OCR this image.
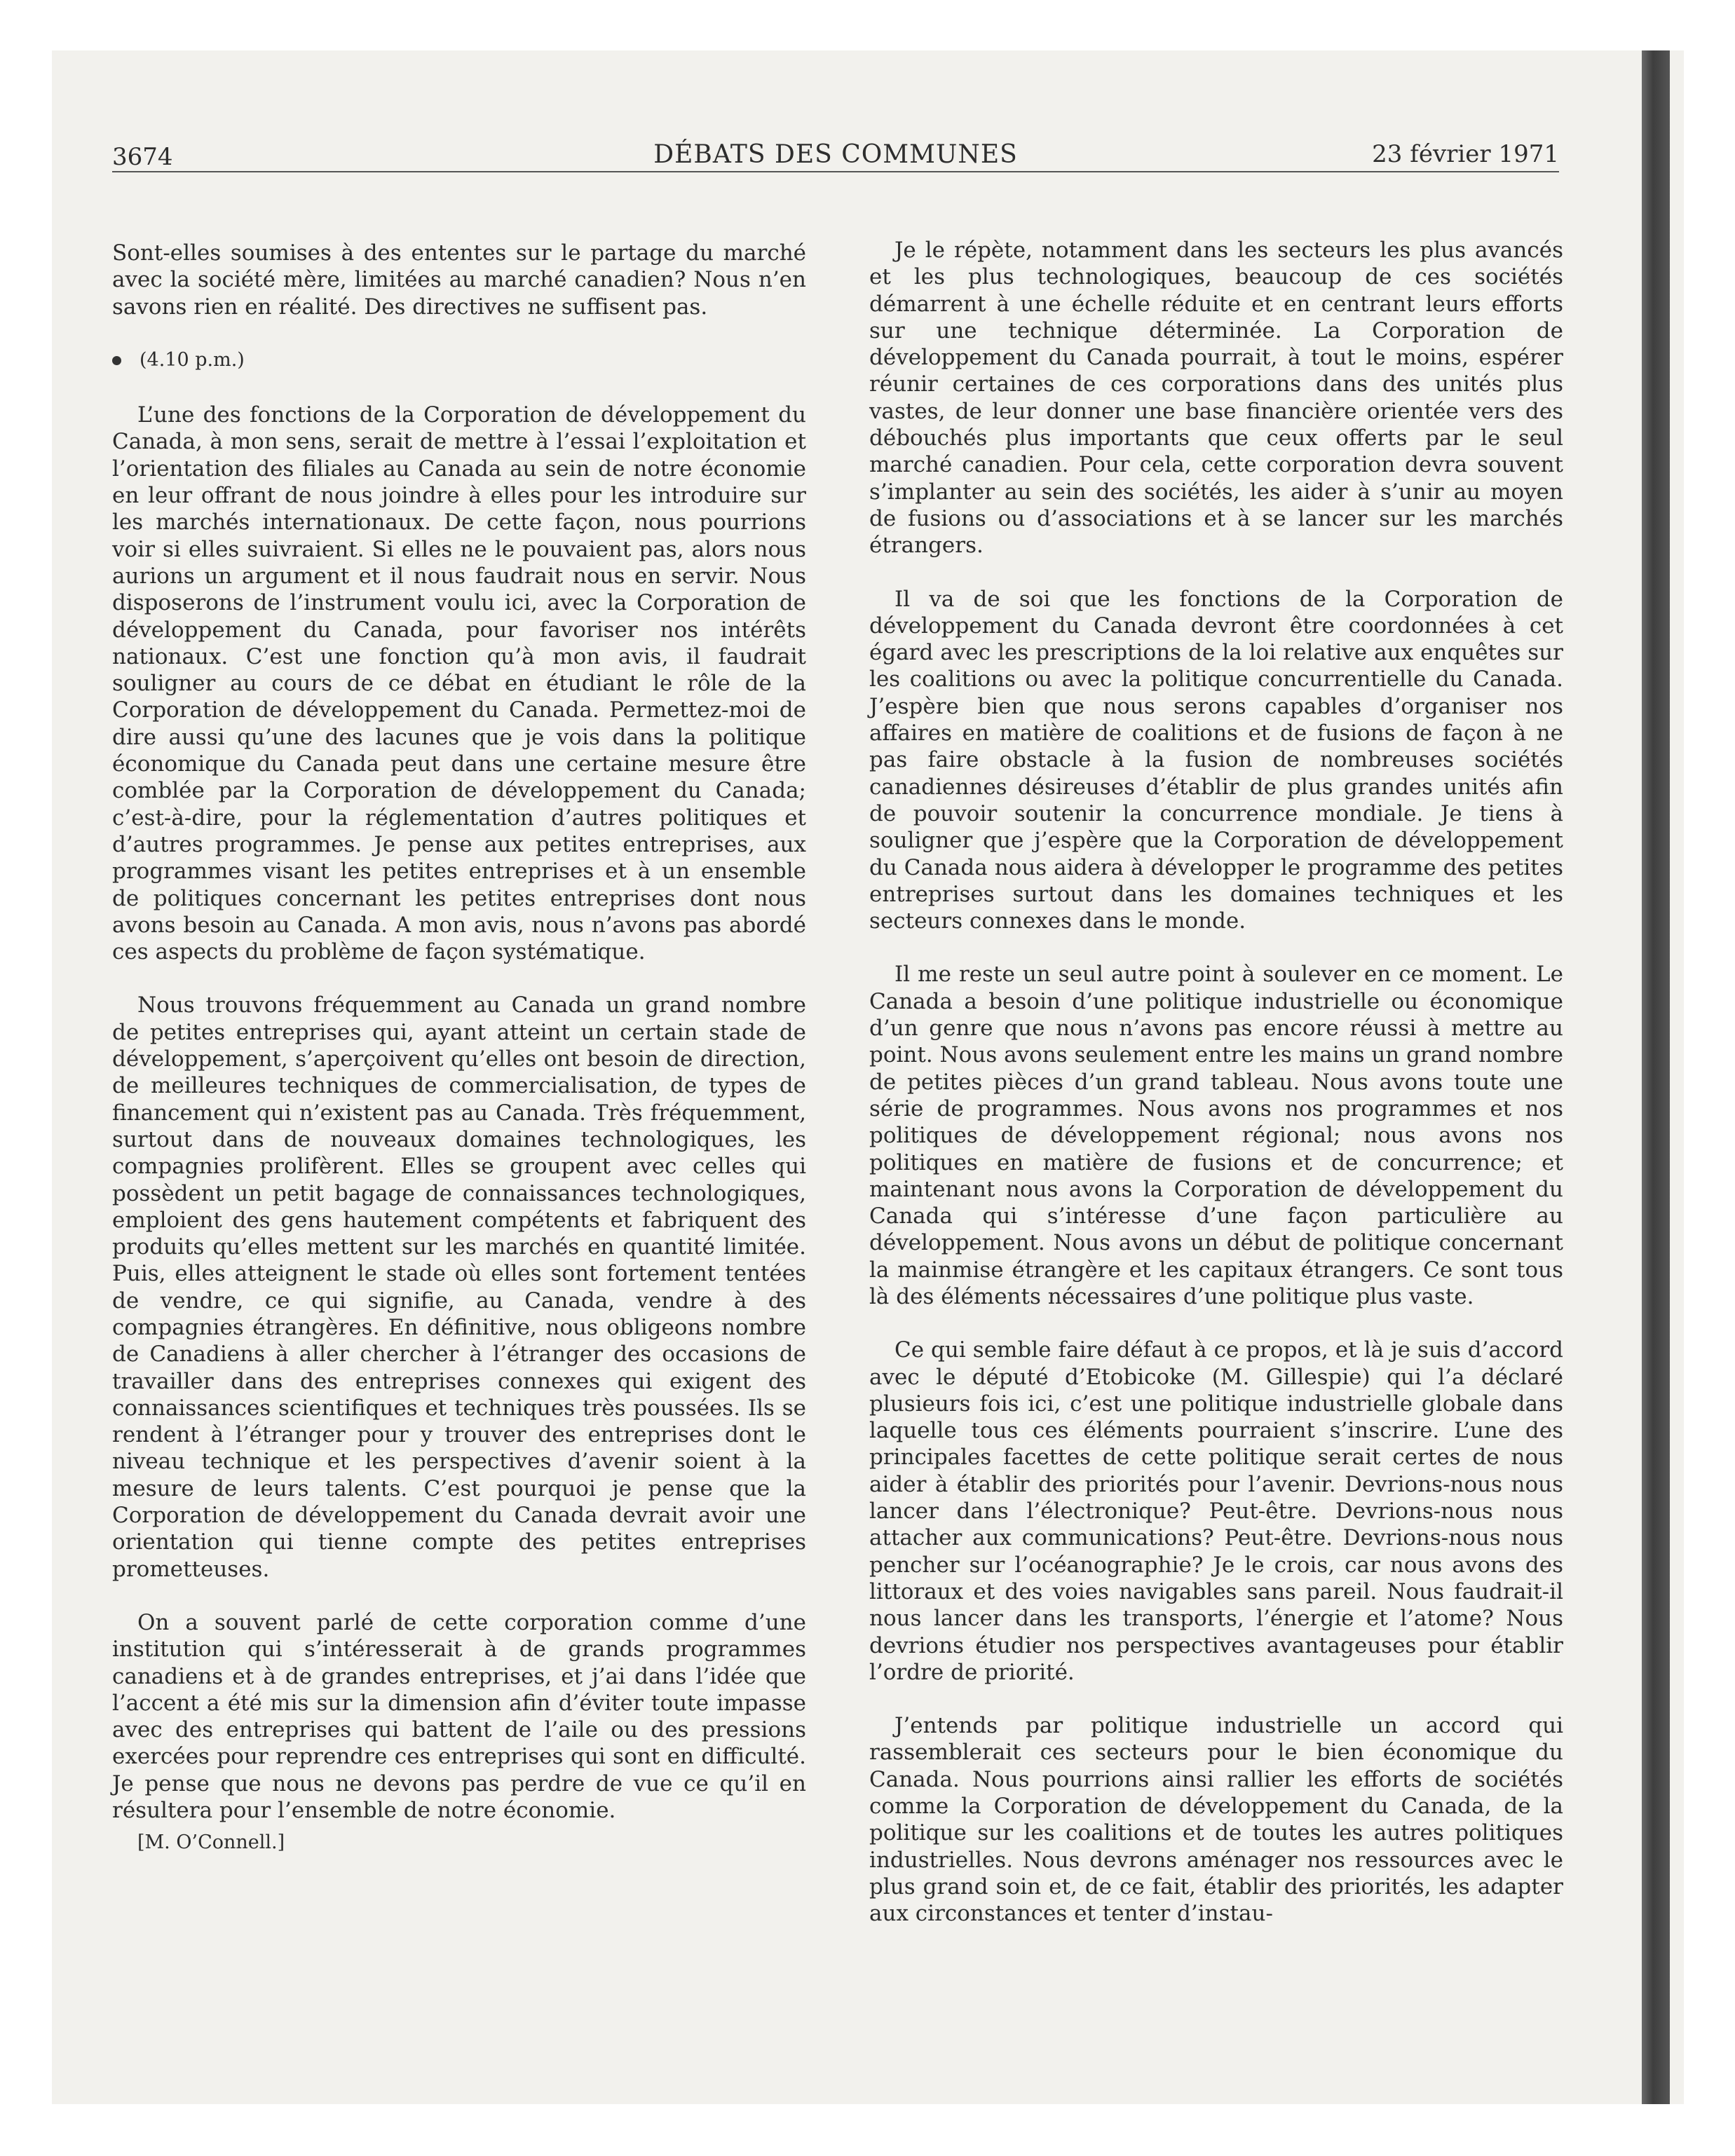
3674	DÉBATS DES COMMUNES	23 février 1971

Sont-elles soumises à des ententes sur le partage du marché avec la société mère, limitées au marché canadien? Nous n’en savons rien en réalité. Des directives ne suffisent pas.

(4.10 p.m.)

L’une des fonctions de la Corporation de développement du Canada, à mon sens, serait de mettre à l’essai l’exploitation et l’orientation des filiales au Canada au sein de notre économie en leur offrant de nous joindre à elles pour les introduire sur les marchés internationaux. De cette façon, nous pourrions voir si elles suivraient. Si elles ne le pouvaient pas, alors nous aurions un argument et il nous faudrait nous en servir. Nous disposerons de l’instrument voulu ici, avec la Corporation de développement du Canada, pour favoriser nos intérêts nationaux. C’est une fonction qu’à mon avis, il faudrait souligner au cours de ce débat en étudiant le rôle de la Corporation de développement du Canada. Permettez-moi de dire aussi qu’une des lacunes que je vois dans la politique économique du Canada peut dans une certaine mesure être comblée par la Corporation de développement du Canada; c’est-à-dire, pour la réglementation d’autres politiques et d’autres programmes. Je pense aux petites entreprises, aux programmes visant les petites entreprises et à un ensemble de politiques concernant les petites entreprises dont nous avons besoin au Canada. A mon avis, nous n’avons pas abordé ces aspects du problème de façon systématique.

Nous trouvons fréquemment au Canada un grand nombre de petites entreprises qui, ayant atteint un certain stade de développement, s’aperçoivent qu’elles ont besoin de direction, de meilleures techniques de commercialisation, de types de financement qui n’existent pas au Canada. Très fréquemment, surtout dans de nouveaux domaines technologiques, les compagnies prolifèrent. Elles se groupent avec celles qui possèdent un petit bagage de connaissances technologiques, emploient des gens hautement compétents et fabriquent des produits qu’elles mettent sur les marchés en quantité limitée. Puis, elles atteignent le stade où elles sont fortement tentées de vendre, ce qui signifie, au Canada, vendre à des compagnies étrangères. En définitive, nous obligeons nombre de Canadiens à aller chercher à l’étranger des occasions de travailler dans des entreprises connexes qui exigent des connaissances scientifiques et techniques très poussées. Ils se rendent à l’étranger pour y trouver des entreprises dont le niveau technique et les perspectives d’avenir soient à la mesure de leurs talents. C’est pourquoi je pense que la Corporation de développement du Canada devrait avoir une orientation qui tienne compte des petites entreprises prometteuses.

On a souvent parlé de cette corporation comme d’une institution qui s’intéresserait à de grands programmes canadiens et à de grandes entreprises, et j’ai dans l’idée que l’accent a été mis sur la dimension afin d’éviter toute impasse avec des entreprises qui battent de l’aile ou des pressions exercées pour reprendre ces entreprises qui sont en difficulté. Je pense que nous ne devons pas perdre de vue ce qu’il en résultera pour l’ensemble de notre économie.

[M. O’Connell.]

Je le répète, notamment dans les secteurs les plus avancés et les plus technologiques, beaucoup de ces sociétés démarrent à une échelle réduite et en centrant leurs efforts sur une technique déterminée. La Corporation de développement du Canada pourrait, à tout le moins, espérer réunir certaines de ces corporations dans des unités plus vastes, de leur donner une base financière orientée vers des débouchés plus importants que ceux offerts par le seul marché canadien. Pour cela, cette corporation devra souvent s’implanter au sein des sociétés, les aider à s’unir au moyen de fusions ou d’associations et à se lancer sur les marchés étrangers.

Il va de soi que les fonctions de la Corporation de développement du Canada devront être coordonnées à cet égard avec les prescriptions de la loi relative aux enquêtes sur les coalitions ou avec la politique concurrentielle du Canada. J’espère bien que nous serons capables d’organiser nos affaires en matière de coalitions et de fusions de façon à ne pas faire obstacle à la fusion de nombreuses sociétés canadiennes désireuses d’établir de plus grandes unités afin de pouvoir soutenir la concurrence mondiale. Je tiens à souligner que j’espère que la Corporation de développement du Canada nous aidera à développer le programme des petites entreprises surtout dans les domaines techniques et les secteurs connexes dans le monde.

Il me reste un seul autre point à soulever en ce moment. Le Canada a besoin d’une politique industrielle ou économique d’un genre que nous n’avons pas encore réussi à mettre au point. Nous avons seulement entre les mains un grand nombre de petites pièces d’un grand tableau. Nous avons toute une série de programmes. Nous avons nos programmes et nos politiques de développement régional; nous avons nos politiques en matière de fusions et de concurrence; et maintenant nous avons la Corporation de développement du Canada qui s’intéresse d’une façon particulière au développement. Nous avons un début de politique concernant la mainmise étrangère et les capitaux étrangers. Ce sont tous là des éléments nécessaires d’une politique plus vaste.

Ce qui semble faire défaut à ce propos, et là je suis d’accord avec le député d’Etobicoke (M. Gillespie) qui l’a déclaré plusieurs fois ici, c’est une politique industrielle globale dans laquelle tous ces éléments pourraient s’inscrire. L’une des principales facettes de cette politique serait certes de nous aider à établir des priorités pour l’avenir. Devrions-nous nous lancer dans l’électronique? Peut-être. Devrions-nous nous attacher aux communications? Peut-être. Devrions-nous nous pencher sur l’océanographie? Je le crois, car nous avons des littoraux et des voies navigables sans pareil. Nous faudrait-il nous lancer dans les transports, l’énergie et l’atome? Nous devrions étudier nos perspectives avantageuses pour établir l’ordre de priorité.

J’entends par politique industrielle un accord qui rassemblerait ces secteurs pour le bien économique du Canada. Nous pourrions ainsi rallier les efforts de sociétés comme la Corporation de développement du Canada, de la politique sur les coalitions et de toutes les autres politiques industrielles. Nous devrons aménager nos ressources avec le plus grand soin et, de ce fait, établir des priorités, les adapter aux circonstances et tenter d’instau-
